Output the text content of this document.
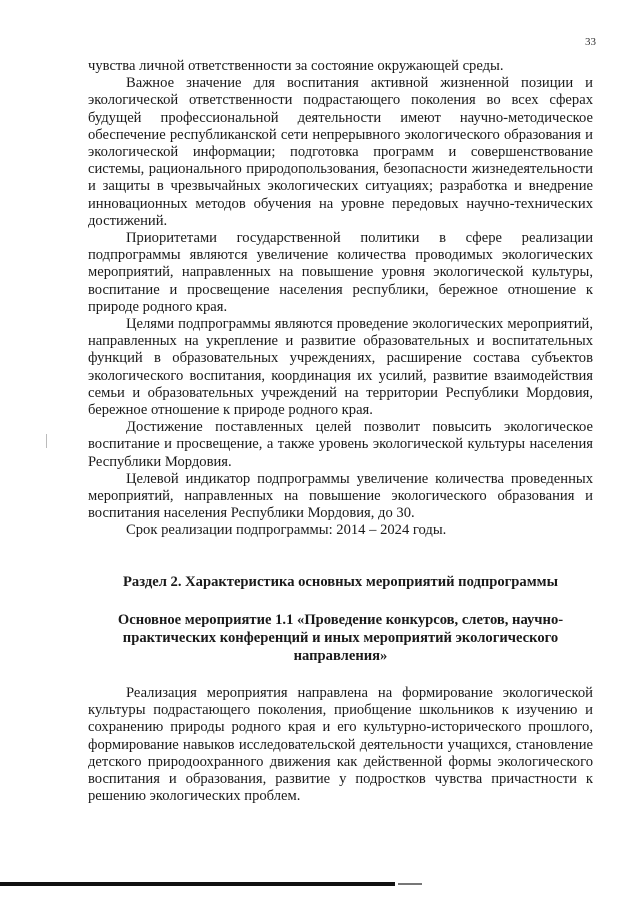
33

чувства личной ответственности за состояние окружающей среды.

Важное значение для воспитания активной жизненной позиции и экологической ответственности подрастающего поколения во всех сферах будущей профессиональной деятельности имеют научно-методическое обеспечение республиканской сети непрерывного экологического образования и экологической информации; подготовка программ и совершенствование системы, рационального природопользования, безопасности жизнедеятельности и защиты в чрезвычайных экологических ситуациях; разработка и внедрение инновационных методов обучения на уровне передовых научно-технических достижений.

Приоритетами государственной политики в сфере реализации подпрограммы являются увеличение количества проводимых экологических мероприятий, направленных на повышение уровня экологической культуры, воспитание и просвещение населения республики, бережное отношение к природе родного края.

Целями подпрограммы являются проведение экологических мероприятий, направленных на укрепление и развитие образовательных и воспитательных функций в образовательных учреждениях, расширение состава субъектов экологического воспитания, координация их усилий, развитие взаимодействия семьи и образовательных учреждений на территории Республики Мордовия, бережное отношение к природе родного края.

Достижение поставленных целей позволит повысить экологическое воспитание и просвещение, а также уровень экологической культуры населения Республики Мордовия.

Целевой индикатор подпрограммы увеличение количества проведенных мероприятий, направленных на повышение экологического образования и воспитания населения Республики Мордовия, до 30.

Срок реализации подпрограммы: 2014 – 2024 годы.

Раздел 2. Характеристика основных мероприятий подпрограммы
Основное мероприятие 1.1 «Проведение конкурсов, слетов, научно-практических конференций и иных мероприятий экологического направления»

Реализация мероприятия направлена на формирование экологической культуры подрастающего поколения, приобщение школьников к изучению и сохранению природы родного края и его культурно-исторического прошлого, формирование навыков исследовательской деятельности учащихся, становление детского природоохранного движения как действенной формы экологического воспитания и образования, развитие у подростков чувства причастности к решению экологических проблем.
